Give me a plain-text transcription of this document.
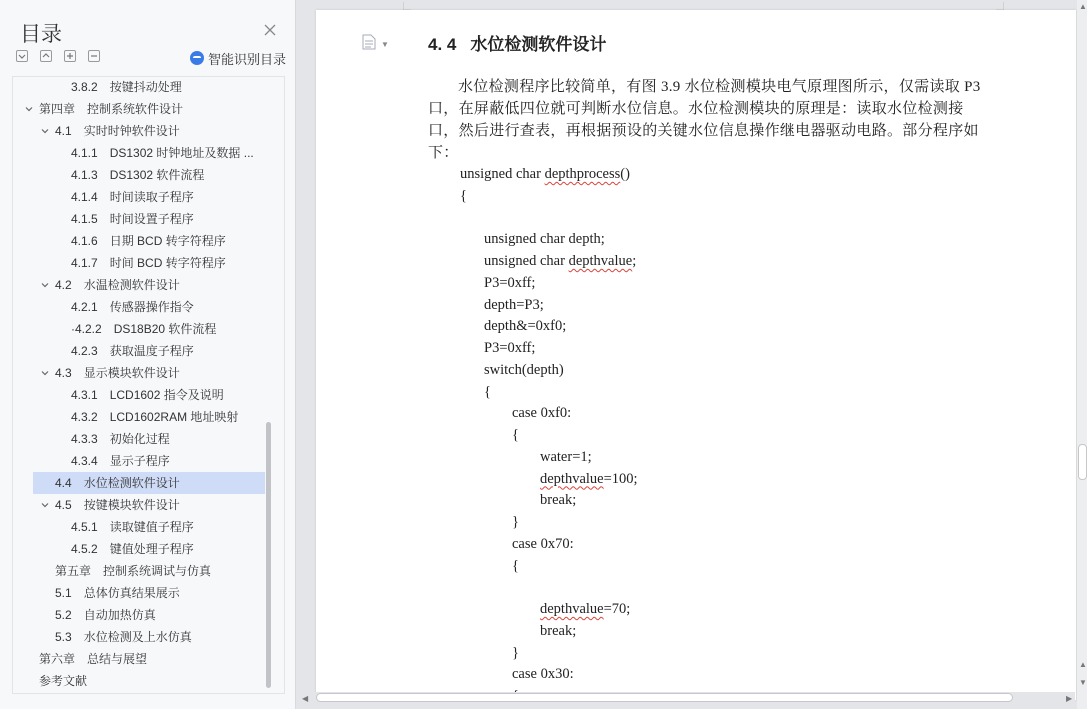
目录
智能识别目录
3.8.2 按键抖动处理
第四章 控制系统软件设计
4.1 实时时钟软件设计
4.1.1 DS1302 时钟地址及数据 ...
4.1.3 DS1302 软件流程
4.1.4 时间读取子程序
4.1.5 时间设置子程序
4.1.6 日期 BCD 转字符程序
4.1.7 时间 BCD 转字符程序
4.2 水温检测软件设计
4.2.1 传感器操作指令
·4.2.2 DS18B20 软件流程
4.2.3 获取温度子程序
4.3 显示模块软件设计
4.3.1 LCD1602 指令及说明
4.3.2 LCD1602RAM 地址映射
4.3.3 初始化过程
4.3.4 显示子程序
4.4 水位检测软件设计
4.5 按键模块软件设计
4.5.1 读取键值子程序
4.5.2 键值处理子程序
第五章 控制系统调试与仿真
5.1 总体仿真结果展示
5.2 自动加热仿真
5.3 水位检测及上水仿真
第六章 总结与展望
参考文献
▼ 4. 4 水位检测软件设计
水位检测程序比较简单，有图 3.9 水位检测模块电气原理图所示，仅需读取 P3 口，在屏蔽低四位就可判断水位信息。水位检测模块的原理是：读取水位检测接口，然后进行查表，再根据预设的关键水位信息操作继电器驱动电路。部分程序如下：
unsigned char depthprocess()
{
unsigned char depth;
unsigned char depthvalue;
P3=0xff;
depth=P3;
depth&=0xf0;
P3=0xff;
switch(depth)
{
case 0xf0:
{
water=1;
depthvalue=100;
break;
}
case 0x70:
{
depthvalue=70;
break;
}
case 0x30:
◀	▶
▲
▲
▼
